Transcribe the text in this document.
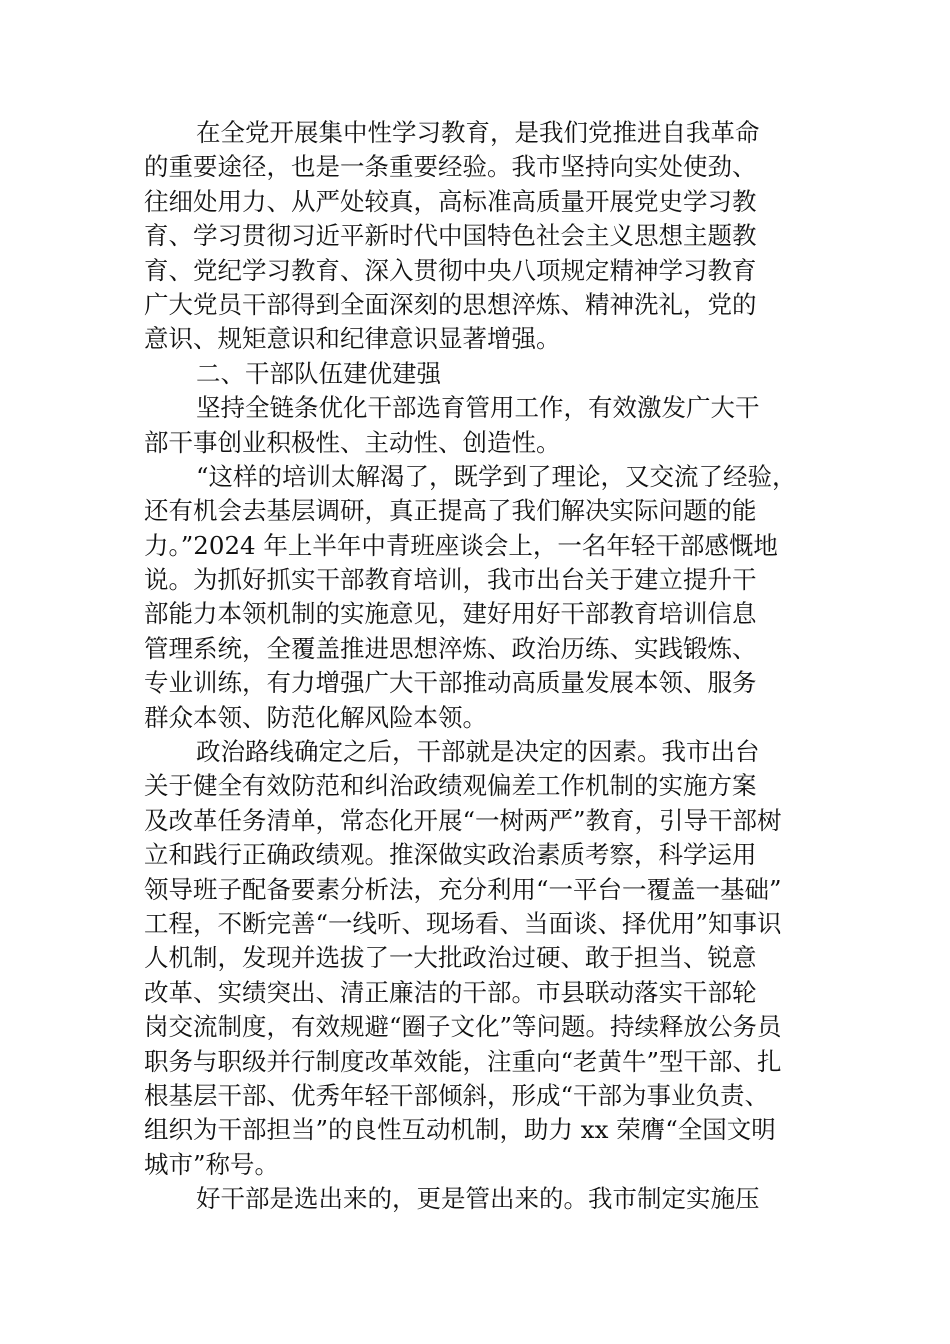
在全党开展集中性学习教育，是我们党推进自我革命
的重要途径，也是一条重要经验。我市坚持向实处使劲、
往细处用力、从严处较真，高标准高质量开展党史学习教
育、学习贯彻习近平新时代中国特色社会主义思想主题教
育、党纪学习教育、深入贯彻中央八项规定精神学习教育
广大党员干部得到全面深刻的思想淬炼、精神洗礼，党的
意识、规矩意识和纪律意识显著增强。
二、干部队伍建优建强
坚持全链条优化干部选育管用工作，有效激发广大干
部干事创业积极性、主动性、创造性。
“这样的培训太解渴了，既学到了理论，又交流了经验，
还有机会去基层调研，真正提高了我们解决实际问题的能
力。”2024 年上半年中青班座谈会上，一名年轻干部感慨地
说。为抓好抓实干部教育培训，我市出台关于建立提升干
部能力本领机制的实施意见，建好用好干部教育培训信息
管理系统，全覆盖推进思想淬炼、政治历练、实践锻炼、
专业训练，有力增强广大干部推动高质量发展本领、服务
群众本领、防范化解风险本领。
政治路线确定之后，干部就是决定的因素。我市出台
关于健全有效防范和纠治政绩观偏差工作机制的实施方案
及改革任务清单，常态化开展“一树两严”教育，引导干部树
立和践行正确政绩观。推深做实政治素质考察，科学运用
领导班子配备要素分析法，充分利用“一平台一覆盖一基础”
工程，不断完善“一线听、现场看、当面谈、择优用”知事识
人机制，发现并选拔了一大批政治过硬、敢于担当、锐意
改革、实绩突出、清正廉洁的干部。市县联动落实干部轮
岗交流制度，有效规避“圈子文化”等问题。持续释放公务员
职务与职级并行制度改革效能，注重向“老黄牛”型干部、扎
根基层干部、优秀年轻干部倾斜，形成“干部为事业负责、
组织为干部担当”的良性互动机制，助力 xx 荣膺“全国文明
城市”称号。
好干部是选出来的，更是管出来的。我市制定实施压
